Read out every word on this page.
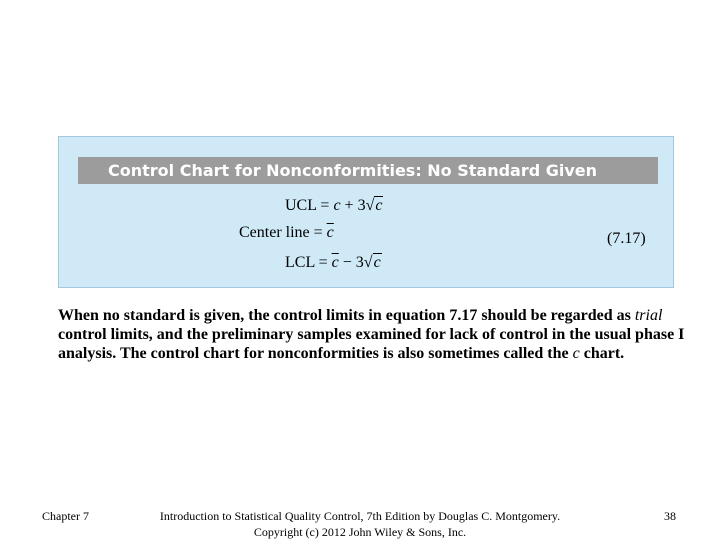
Control Chart for Nonconformities: No Standard Given
UCL = c + 3√c
Center line = $\overline{c}$	(7.17)
LCL = $\overline{c} - 3√c$
When no standard is given, the control limits in equation 7.17 should be regarded as trial
control limits, and the preliminary samples examined for lack of control in the usual phase I
analysis. The control chart for nonconformities is also sometimes called the c chart.
Chapter 7	Introduction to Statistical Quality Control, 7th Edition by Douglas C. Montgomery.
Copyright (c) 2012 John Wiley & Sons, Inc.
38
